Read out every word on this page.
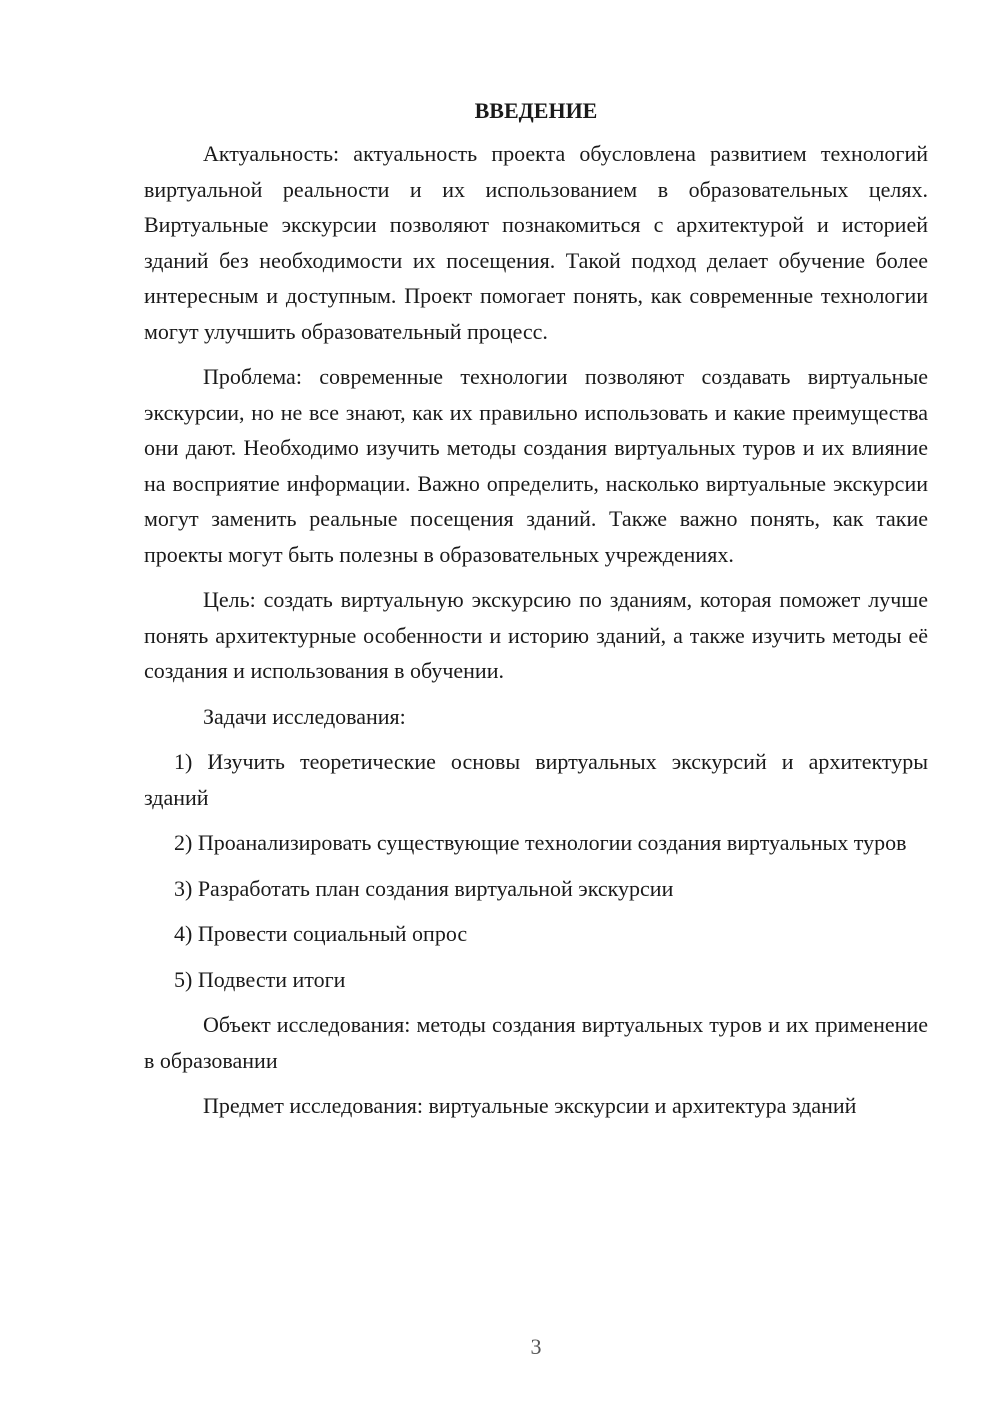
ВВЕДЕНИЕ

Актуальность: актуальность проекта обусловлена развитием технологий виртуальной реальности и их использованием в образовательных целях. Виртуальные экскурсии позволяют познакомиться с архитектурой и историей зданий без необходимости их посещения. Такой подход делает обучение более интересным и доступным. Проект помогает понять, как современные технологии могут улучшить образовательный процесс.

Проблема: современные технологии позволяют создавать виртуальные экскурсии, но не все знают, как их правильно использовать и какие преимущества они дают. Необходимо изучить методы создания виртуальных туров и их влияние на восприятие информации. Важно определить, насколько виртуальные экскурсии могут заменить реальные посещения зданий. Также важно понять, как такие проекты могут быть полезны в образовательных учреждениях.

Цель: создать виртуальную экскурсию по зданиям, которая поможет лучше понять архитектурные особенности и историю зданий, а также изучить методы её создания и использования в обучении.

Задачи исследования:

1) Изучить теоретические основы виртуальных экскурсий и архитектуры зданий

2) Проанализировать существующие технологии создания виртуальных туров

3) Разработать план создания виртуальной экскурсии

4) Провести социальный опрос

5) Подвести итоги

Объект исследования: методы создания виртуальных туров и их применение в образовании

Предмет исследования: виртуальные экскурсии и архитектура зданий

3
